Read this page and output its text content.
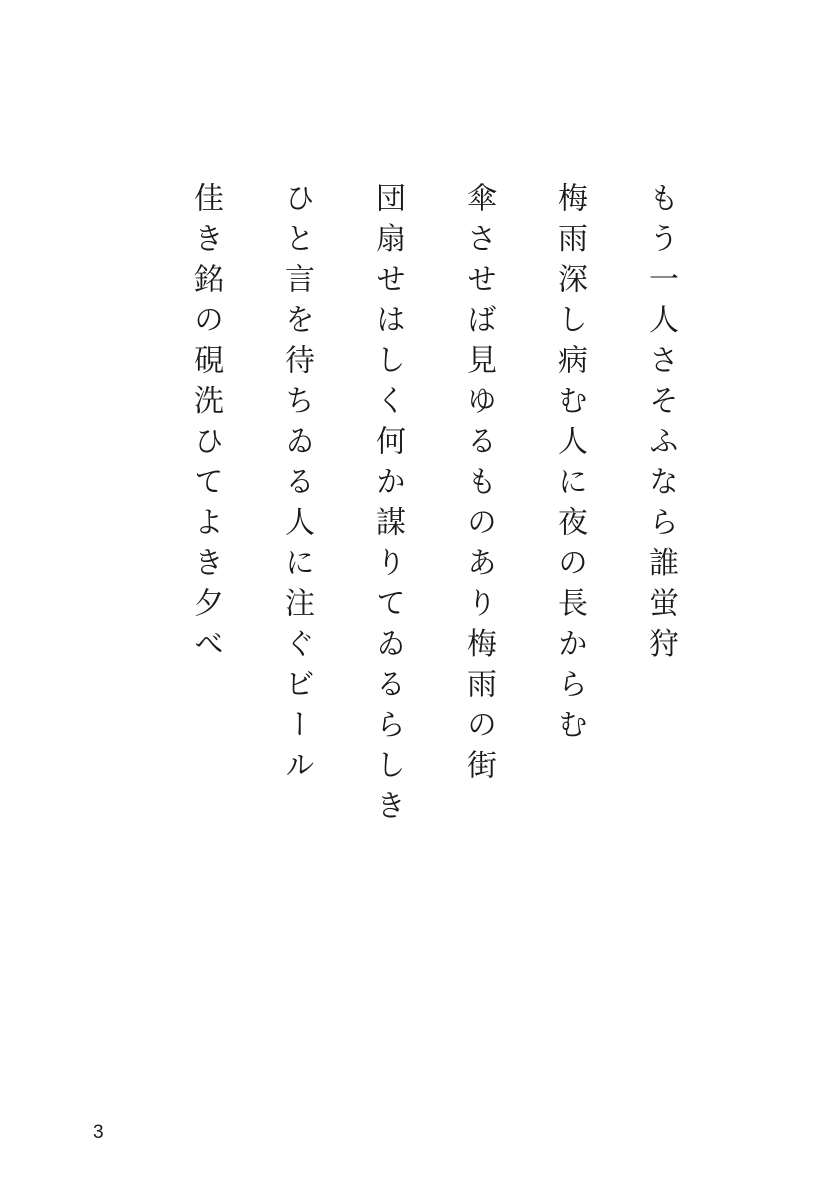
もう一人さそふなら誰蛍狩
梅雨深し病む人に夜の長からむ
傘させば見ゆるものあり梅雨の街
団扇せはしく何か謀りてゐるらしき
ひと言を待ちゐる人に注ぐビール
佳き銘の硯洗ひてよき夕べ
3
